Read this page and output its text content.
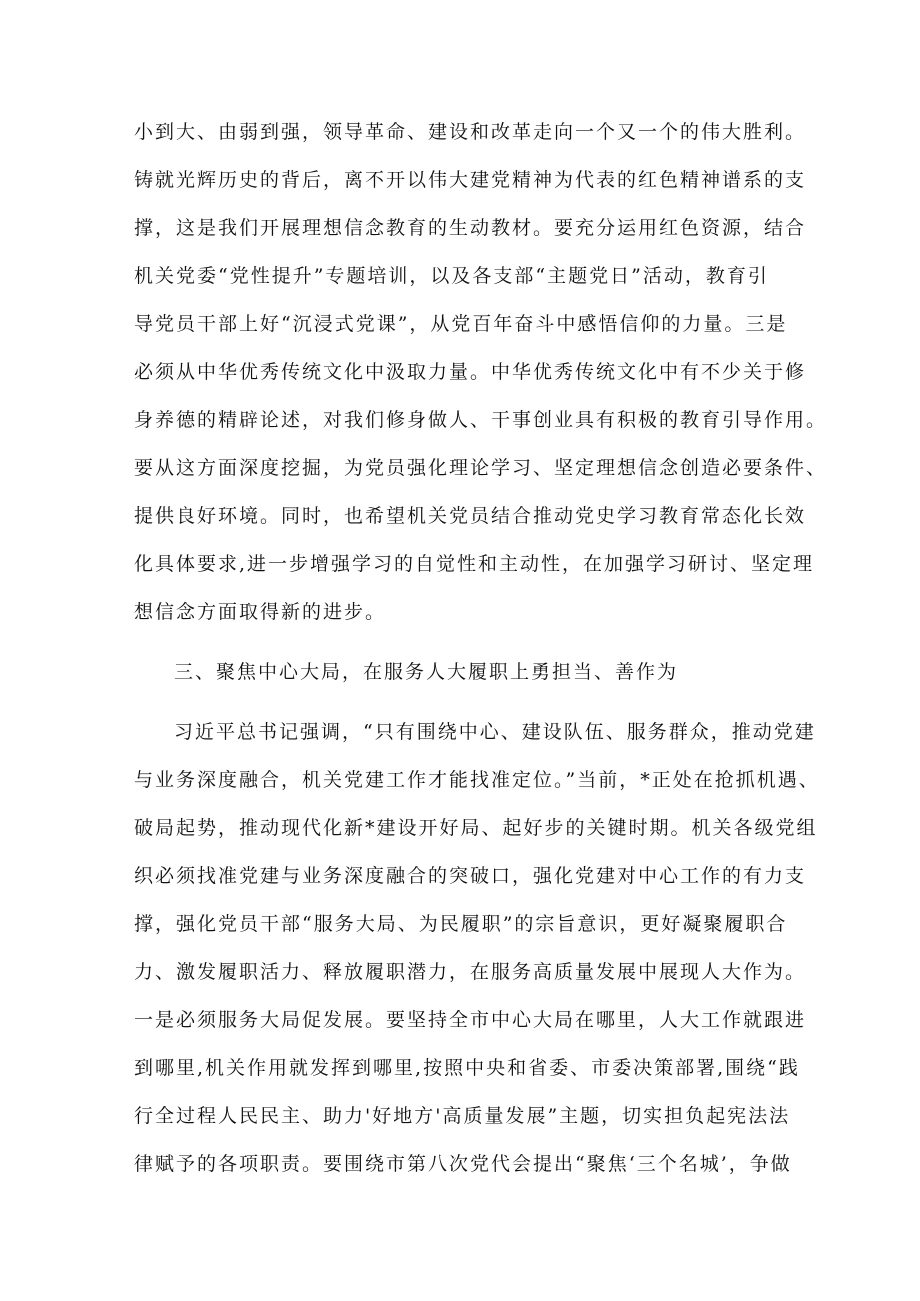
小到大、由弱到强，领导革命、建设和改革走向一个又一个的伟大胜利。
铸就光辉历史的背后，离不开以伟大建党精神为代表的红色精神谱系的支
撑，这是我们开展理想信念教育的生动教材。要充分运用红色资源，结合
机关党委“党性提升”专题培训，以及各支部“主题党日”活动，教育引
导党员干部上好“沉浸式党课”，从党百年奋斗中感悟信仰的力量。三是
必须从中华优秀传统文化中汲取力量。中华优秀传统文化中有不少关于修
身养德的精辟论述，对我们修身做人、干事创业具有积极的教育引导作用。
要从这方面深度挖掘，为党员强化理论学习、坚定理想信念创造必要条件、
提供良好环境。同时，也希望机关党员结合推动党史学习教育常态化长效
化具体要求,进一步增强学习的自觉性和主动性，在加强学习研讨、坚定理
想信念方面取得新的进步。
三、聚焦中心大局，在服务人大履职上勇担当、善作为
习近平总书记强调，“只有围绕中心、建设队伍、服务群众，推动党建
与业务深度融合，机关党建工作才能找准定位。”当前，*正处在抢抓机遇、
破局起势，推动现代化新*建设开好局、起好步的关键时期。机关各级党组
织必须找准党建与业务深度融合的突破口，强化党建对中心工作的有力支
撑，强化党员干部“服务大局、为民履职”的宗旨意识，更好凝聚履职合
力、激发履职活力、释放履职潜力，在服务高质量发展中展现人大作为。
一是必须服务大局促发展。要坚持全市中心大局在哪里，人大工作就跟进
到哪里,机关作用就发挥到哪里,按照中央和省委、市委决策部署,围绕“践
行全过程人民民主、助力'好地方'高质量发展”主题，切实担负起宪法法
律赋予的各项职责。要围绕市第八次党代会提出“聚焦‘三个名城’，争做
